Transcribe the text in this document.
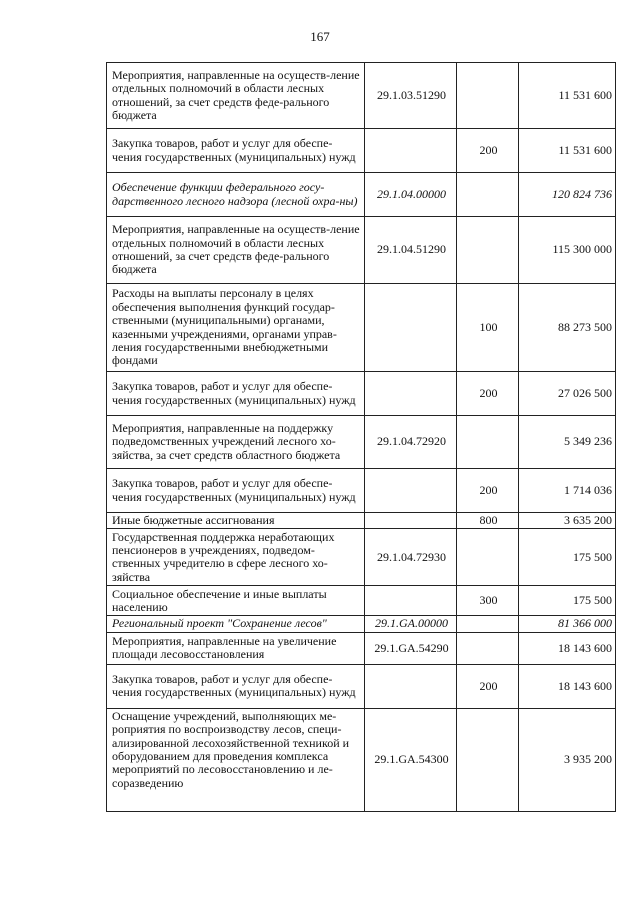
167
Мероприятия, направленные на осуществ-ление отдельных полномочий в области лесных отношений, за счет средств феде-рального бюджета	29.1.03.51290		11 531 600
Закупка товаров, работ и услуг для обеспе-чения государственных (муниципальных) нужд		200	11 531 600
Обеспечение функции федерального госу-дарственного лесного надзора (лесной охра-ны)	29.1.04.00000		120 824 736
Мероприятия, направленные на осуществ-ление отдельных полномочий в области лесных отношений, за счет средств феде-рального бюджета	29.1.04.51290		115 300 000
Расходы на выплаты персоналу в целях обеспечения выполнения функций государ-ственными (муниципальными) органами, казенными учреждениями, органами управ-ления государственными внебюджетными фондами		100	88 273 500
Закупка товаров, работ и услуг для обеспе-чения государственных (муниципальных) нужд		200	27 026 500
Мероприятия, направленные на поддержку подведомственных учреждений лесного хо-зяйства, за счет средств областного бюджета	29.1.04.72920		5 349 236
Закупка товаров, работ и услуг для обеспе-чения государственных (муниципальных) нужд		200	1 714 036
Иные бюджетные ассигнования		800	3 635 200
Государственная поддержка неработающих пенсионеров в учреждениях, подведом-ственных учредителю в сфере лесного хо-зяйства	29.1.04.72930		175 500
Социальное обеспечение и иные выплаты населению		300	175 500
Региональный проект "Сохранение лесов"	29.1.GA.00000		81 366 000
Мероприятия, направленные на увеличение площади лесовосстановления	29.1.GA.54290		18 143 600
Закупка товаров, работ и услуг для обеспе-чения государственных (муниципальных) нужд		200	18 143 600
Оснащение учреждений, выполняющих ме-роприятия по воспроизводству лесов, специ-ализированной лесохозяйственной техникой и оборудованием для проведения комплекса мероприятий по лесовосстановлению и ле-соразведению	29.1.GA.54300		3 935 200
